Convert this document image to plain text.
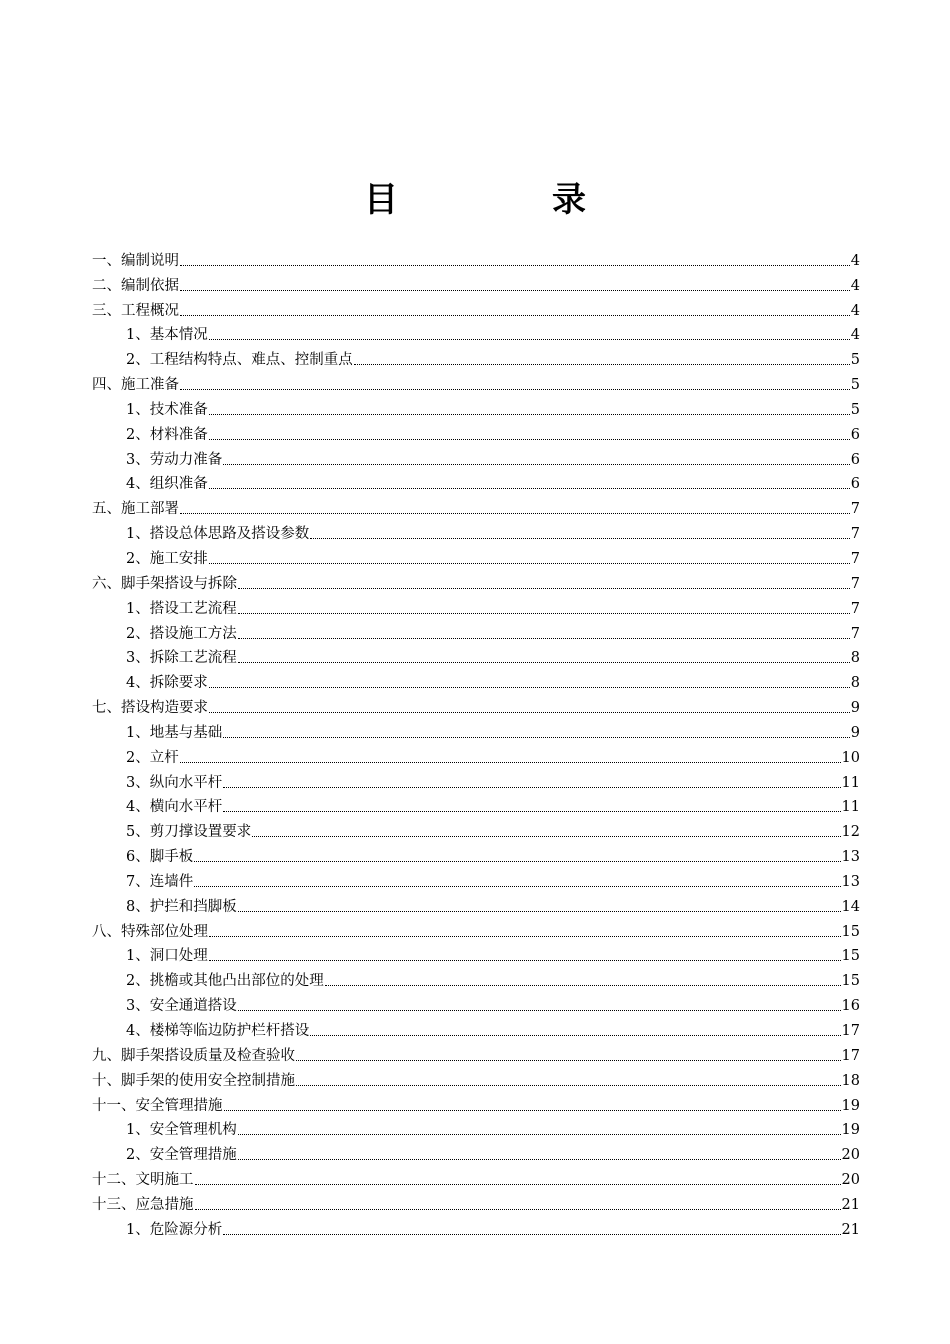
目　录
一、编制说明	4
二、编制依据	4
三、工程概况	4
1、基本情况	4
2、工程结构特点、难点、控制重点	5
四、施工准备	5
1、技术准备	5
2、材料准备	6
3、劳动力准备	6
4、组织准备	6
五、施工部署	7
1、搭设总体思路及搭设参数	7
2、施工安排	7
六、脚手架搭设与拆除	7
1、搭设工艺流程	7
2、搭设施工方法	7
3、拆除工艺流程	8
4、拆除要求	8
七、搭设构造要求	9
1、地基与基础	9
2、立杆	10
3、纵向水平杆	11
4、横向水平杆	11
5、剪刀撑设置要求	12
6、脚手板	13
7、连墙件	13
8、护拦和挡脚板	14
八、特殊部位处理	15
1、洞口处理	15
2、挑檐或其他凸出部位的处理	15
3、安全通道搭设	16
4、楼梯等临边防护栏杆搭设	17
九、脚手架搭设质量及检查验收	17
十、脚手架的使用安全控制措施	18
十一、安全管理措施	19
1、安全管理机构	19
2、安全管理措施	20
十二、文明施工	20
十三、应急措施	21
1、危险源分析	21
